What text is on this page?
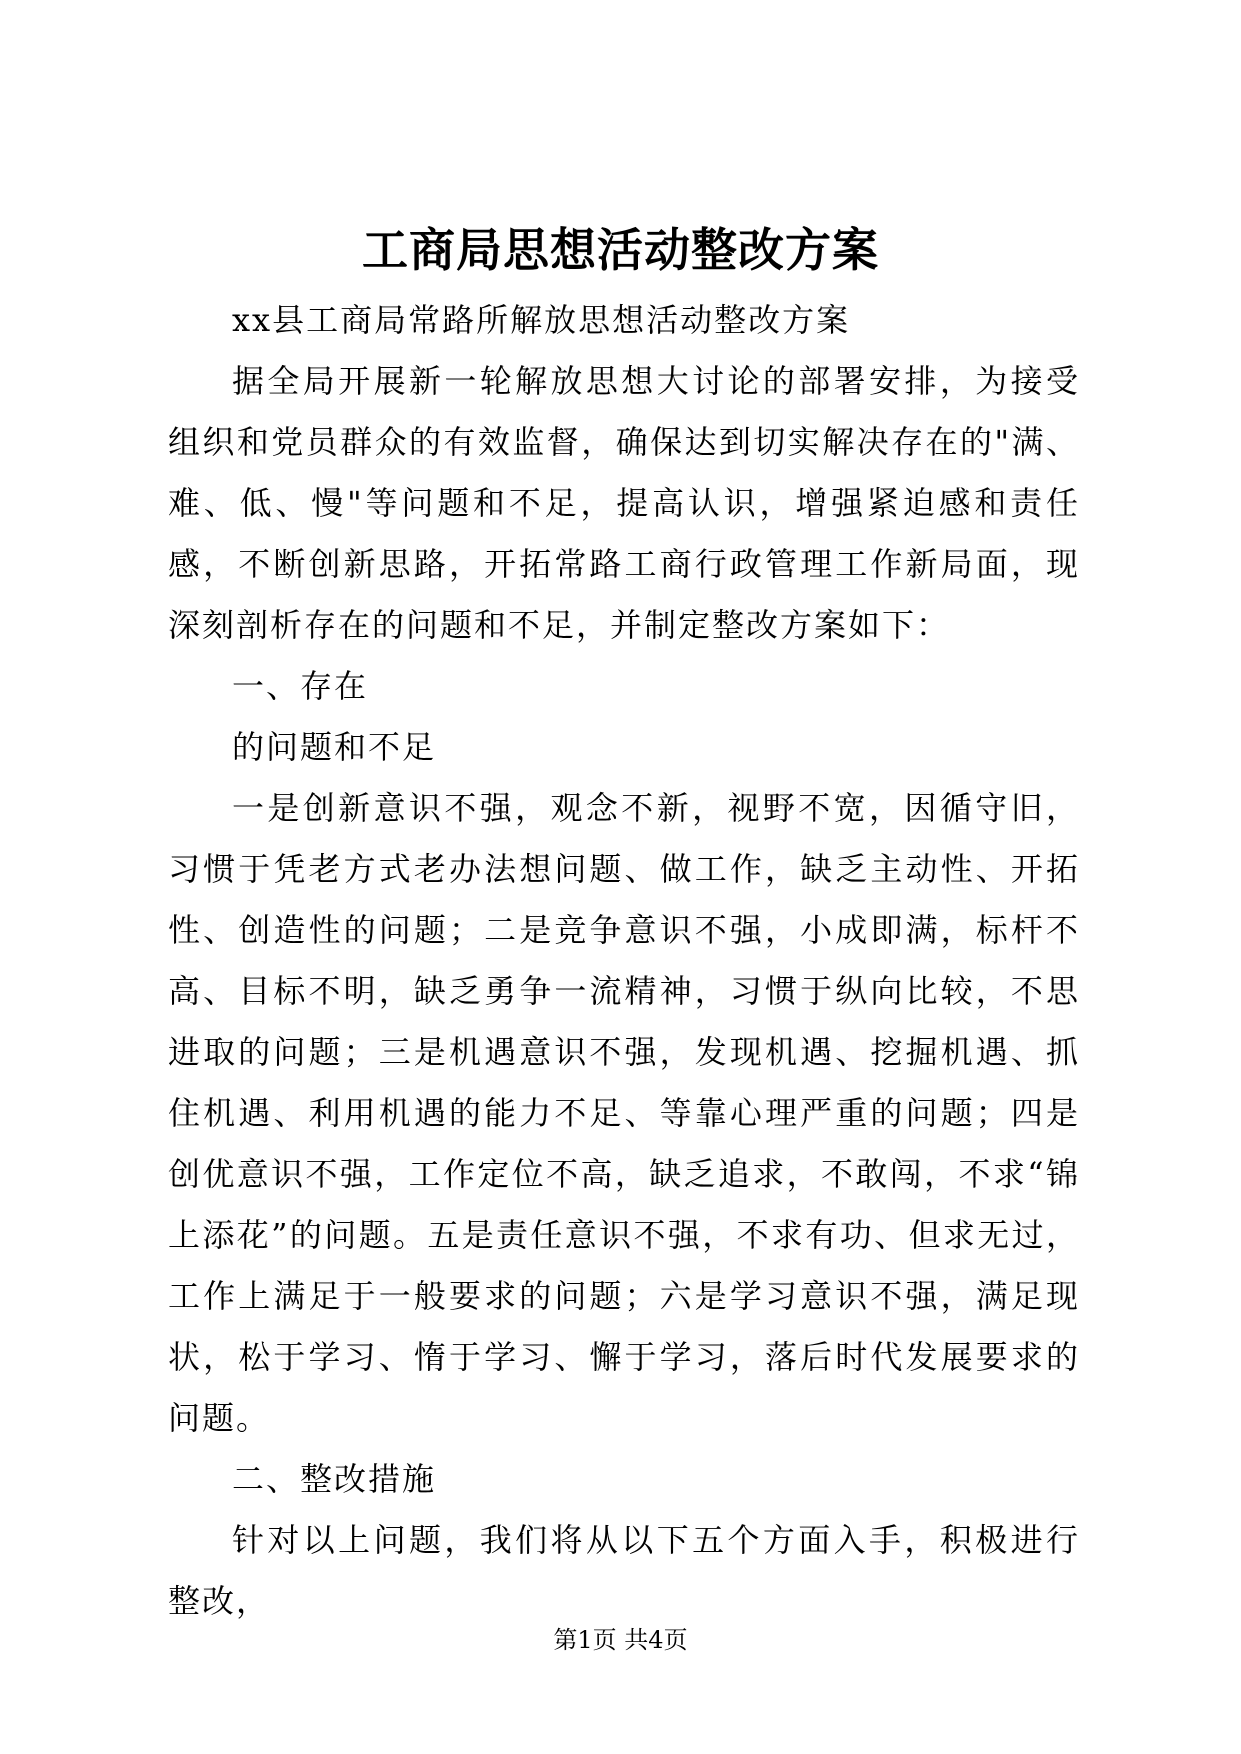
工商局思想活动整改方案

xx县工商局常路所解放思想活动整改方案

据全局开展新一轮解放思想大讨论的部署安排，为接受组织和党员群众的有效监督，确保达到切实解决存在的"满、难、低、慢"等问题和不足，提高认识，增强紧迫感和责任感，不断创新思路，开拓常路工商行政管理工作新局面，现深刻剖析存在的问题和不足，并制定整改方案如下：

一、存在

的问题和不足

一是创新意识不强，观念不新，视野不宽，因循守旧，习惯于凭老方式老办法想问题、做工作，缺乏主动性、开拓性、创造性的问题；二是竞争意识不强，小成即满，标杆不高、目标不明，缺乏勇争一流精神，习惯于纵向比较，不思进取的问题；三是机遇意识不强，发现机遇、挖掘机遇、抓住机遇、利用机遇的能力不足、等靠心理严重的问题；四是创优意识不强，工作定位不高，缺乏追求，不敢闯，不求“锦上添花”的问题。五是责任意识不强，不求有功、但求无过，工作上满足于一般要求的问题；六是学习意识不强，满足现状，松于学习、惰于学习、懈于学习，落后时代发展要求的问题。

二、整改措施

针对以上问题，我们将从以下五个方面入手，积极进行整改，

第1页 共4页
